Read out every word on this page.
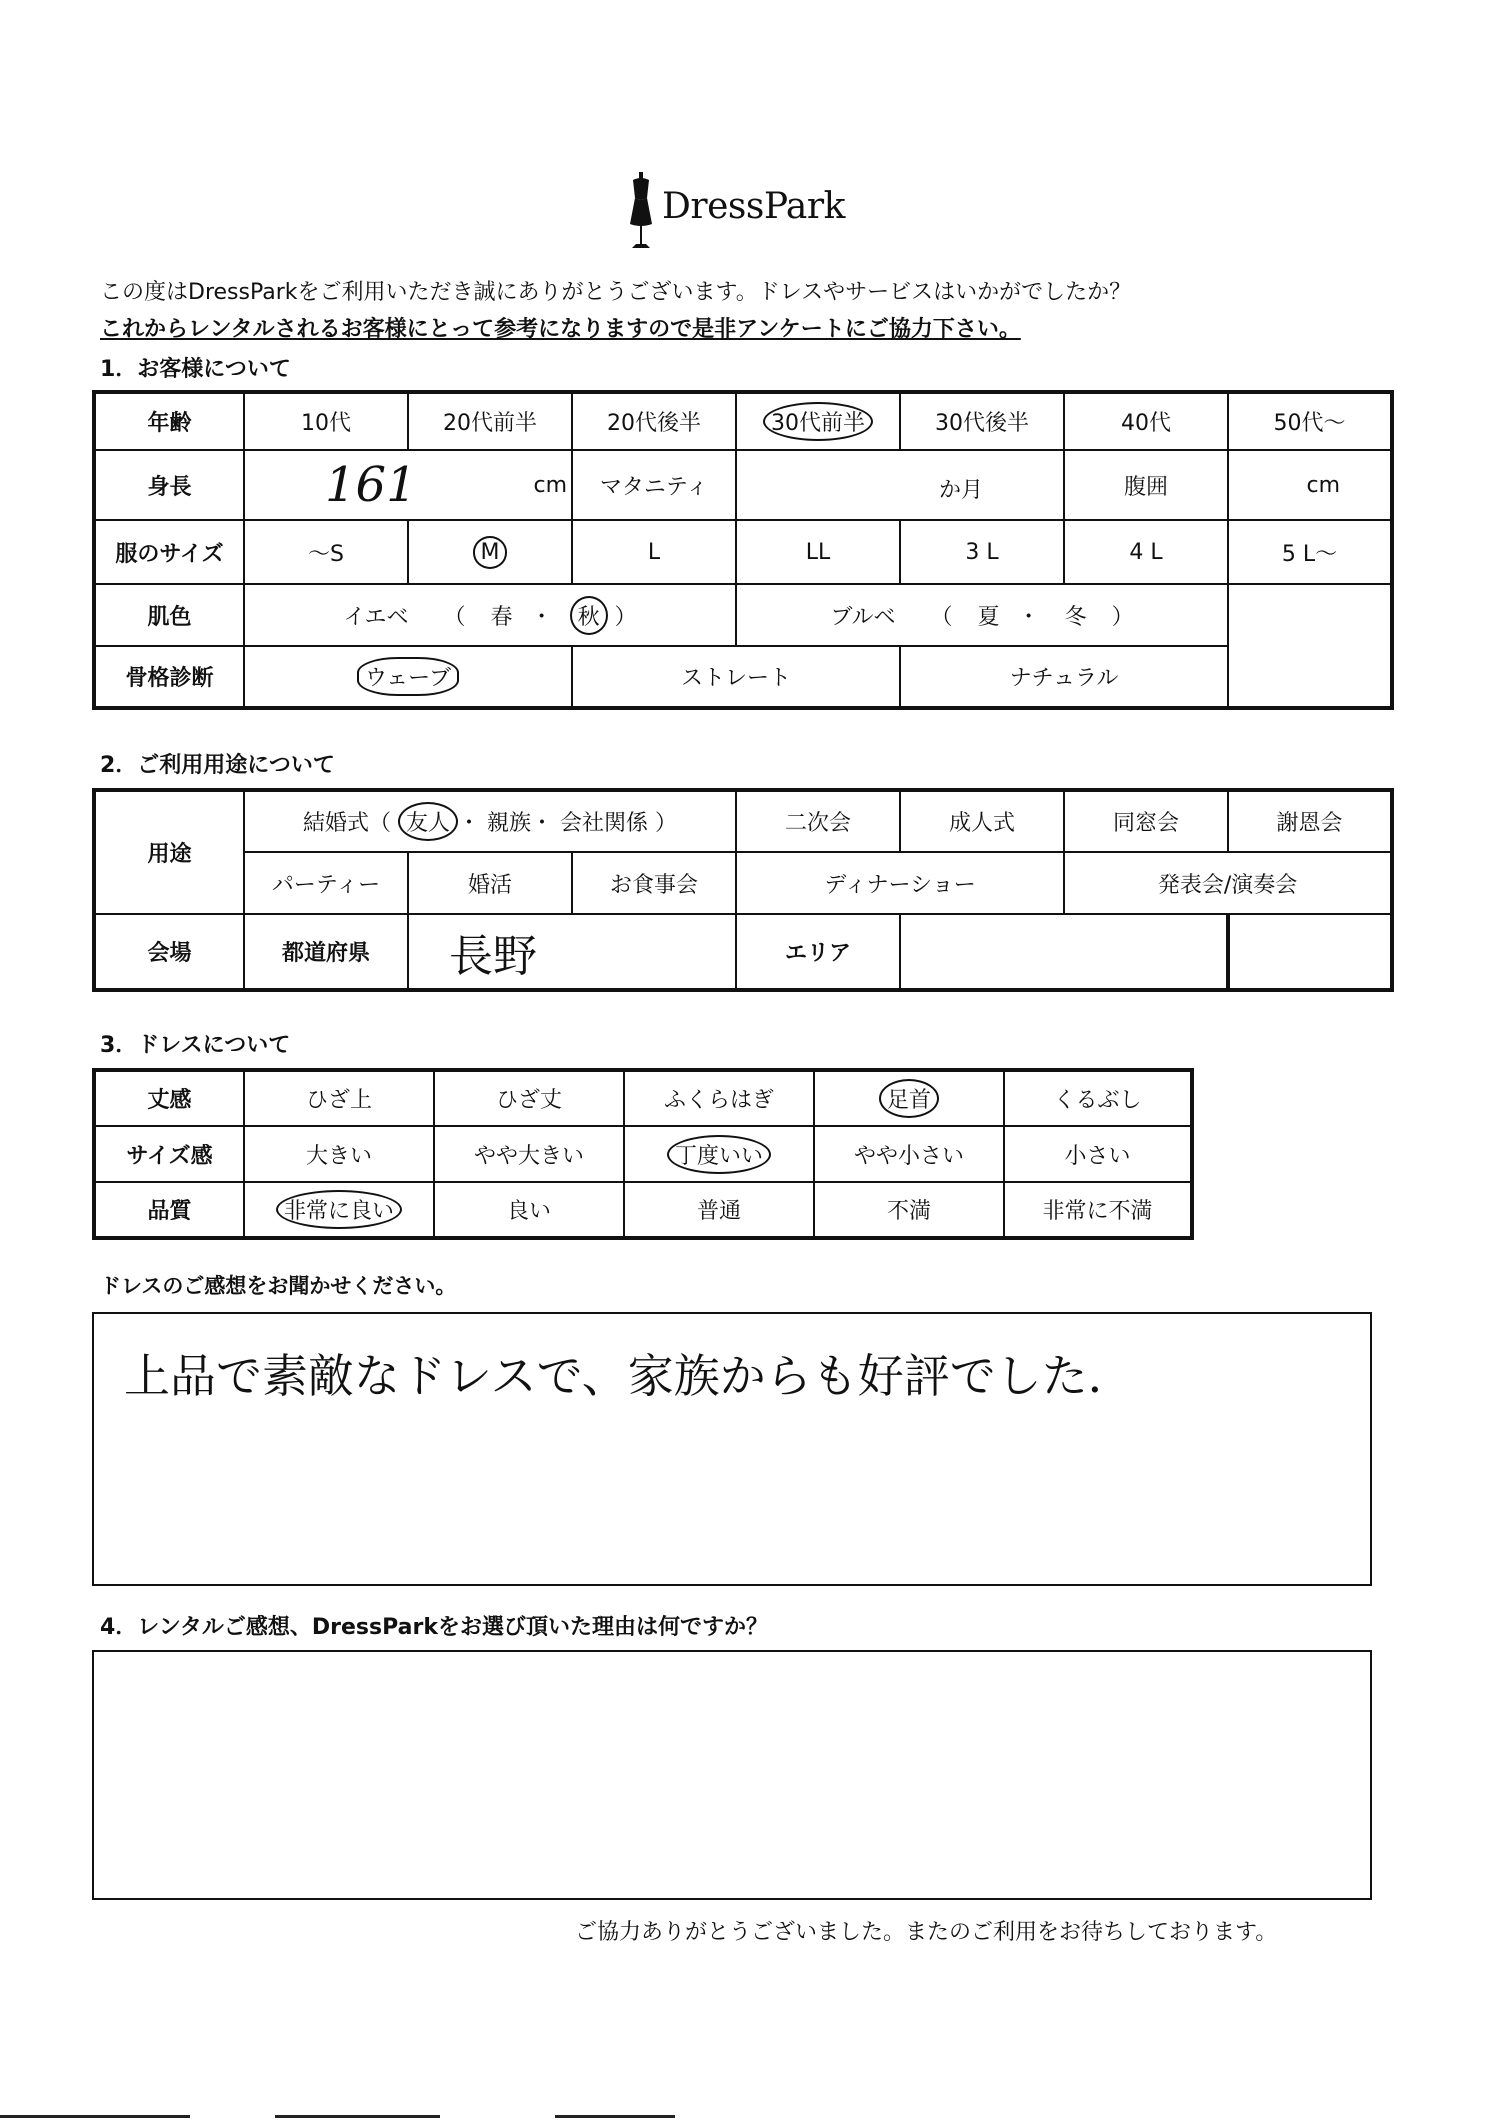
DressPark
この度はDressParkをご利用いただき誠にありがとうございます。ドレスやサービスはいかがでしたか？
これからレンタルされるお客様にとって参考になりますので是非アンケートにご協力下さい。
1．お客様について
年齢	10代	20代前半	20代後半	30代前半	30代後半	40代	50代～
身長	161 cm		マタニティ	か月		腹囲	cm
服のサイズ	～S	M	L	LL	3 L	4 L	5 L～
肌色	イエベ （ 春 ・ 秋 ）			ブルベ （ 夏 ・ 冬 ）			
骨格診断	ウェーブ		ストレート		ナチュラル		
2．ご利用用途について
用途	結婚式（ 友人 ・ 親族・ 会社関係 ）			二次会	成人式	同窓会	謝恩会
	パーティー	婚活	お食事会	ディナーショー		発表会/演奏会	
会場	都道府県	長野		エリア			
3．ドレスについて
丈感	ひざ上	ひざ丈	ふくらはぎ	足首	くるぶし
サイズ感	大きい	やや大きい	丁度いい	やや小さい	小さい
品質	非常に良い	良い	普通	不満	非常に不満
ドレスのご感想をお聞かせください。
上品で素敵なドレスで、家族からも好評でした．
4．レンタルご感想、DressParkをお選び頂いた理由は何ですか？
ご協力ありがとうございました。またのご利用をお待ちしております。
